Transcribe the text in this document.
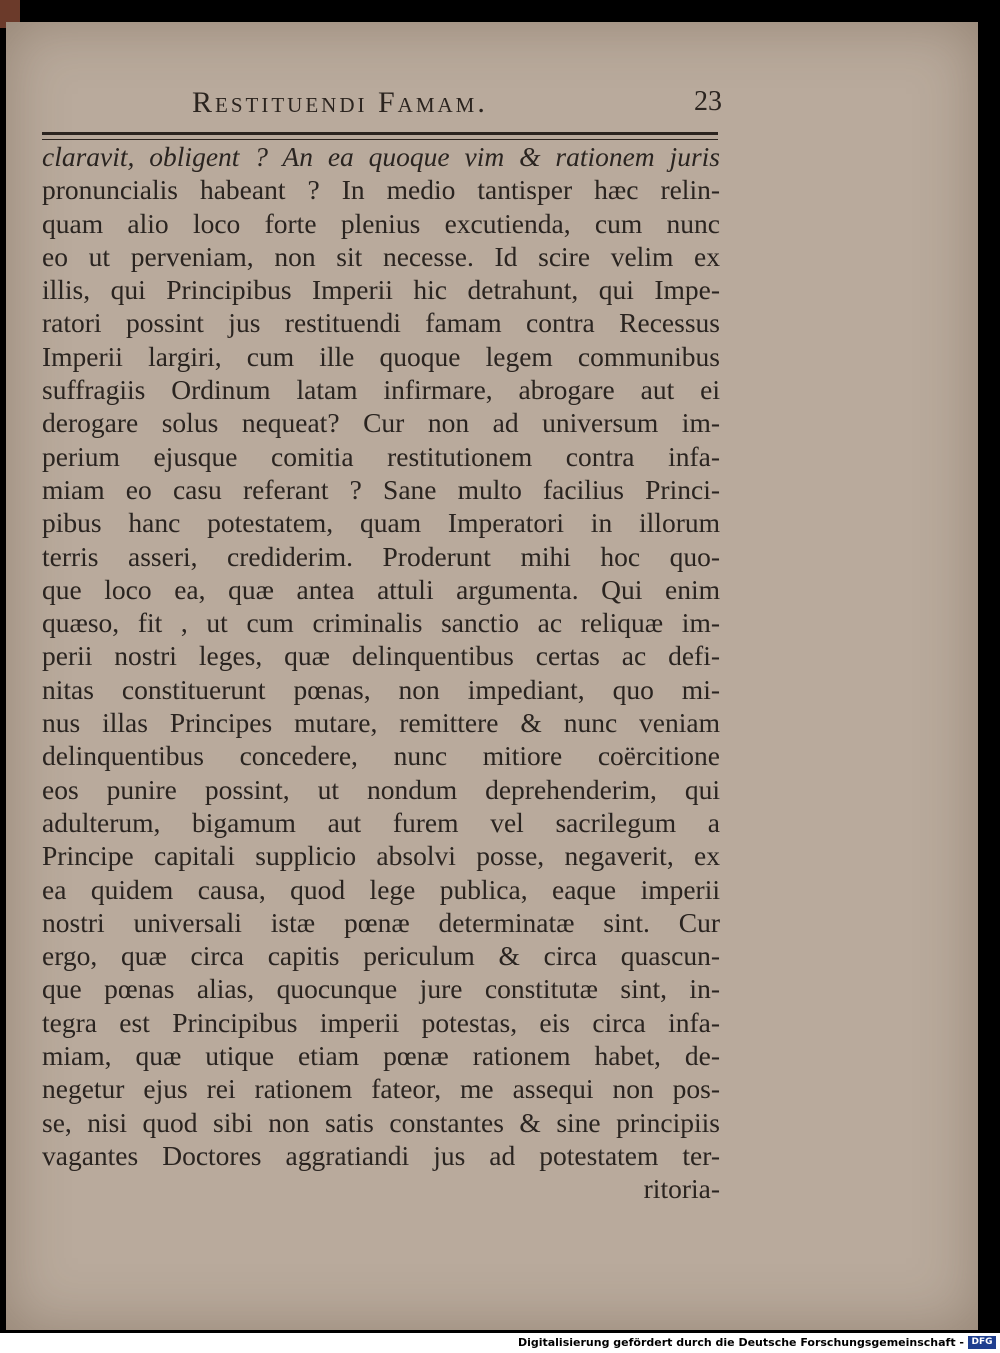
Restituendi Famam.	23
claravit, obligent ? An ea quoque vim & rationem juris
pronuncialis habeant ? In medio tantisper hæc relin-
quam alio loco forte plenius excutienda, cum nunc
eo ut perveniam, non sit necesse. Id scire velim ex
illis, qui Principibus Imperii hic detrahunt, qui Impe-
ratori possint jus restituendi famam contra Recessus
Imperii largiri, cum ille quoque legem communibus
suffragiis Ordinum latam infirmare, abrogare aut ei
derogare solus nequeat? Cur non ad universum im-
perium ejusque comitia restitutionem contra infa-
miam eo casu referant ? Sane multo facilius Princi-
pibus hanc potestatem, quam Imperatori in illorum
terris asseri, crediderim. Proderunt mihi hoc quo-
que loco ea, quæ antea attuli argumenta. Qui enim
quæso, fit , ut cum criminalis sanctio ac reliquæ im-
perii nostri leges, quæ delinquentibus certas ac defi-
nitas constituerunt pœnas, non impediant, quo mi-
nus illas Principes mutare, remittere & nunc veniam
delinquentibus concedere, nunc mitiore coërcitione
eos punire possint, ut nondum deprehenderim, qui
adulterum, bigamum aut furem vel sacrilegum a
Principe capitali supplicio absolvi posse, negaverit, ex
ea quidem causa, quod lege publica, eaque imperii
nostri universali istæ pœnæ determinatæ sint. Cur
ergo, quæ circa capitis periculum & circa quascun-
que pœnas alias, quocunque jure constitutæ sint, in-
tegra est Principibus imperii potestas, eis circa infa-
miam, quæ utique etiam pœnæ rationem habet, de-
negetur ejus rei rationem fateor, me assequi non pos-
se, nisi quod sibi non satis constantes & sine principiis
vagantes Doctores aggratiandi jus ad potestatem ter-
ritoria-
Digitalisierung gefördert durch die Deutsche Forschungsgemeinschaft - DFG
